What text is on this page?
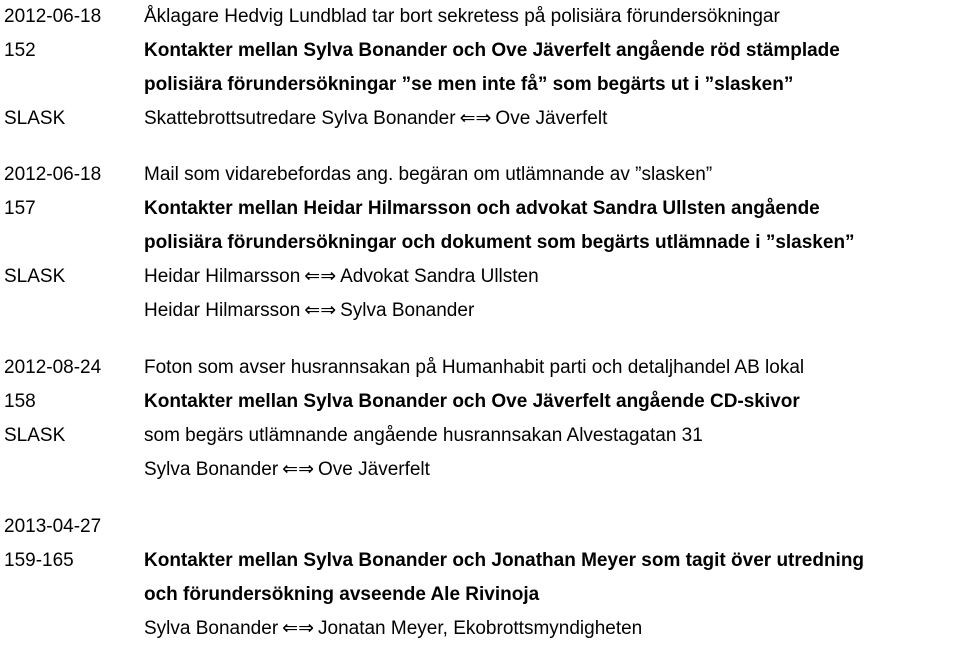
2012-06-18	Åklagare Hedvig Lundblad tar bort sekretess på polisiära förundersökningar
152	Kontakter mellan Sylva Bonander och Ove Jäverfelt angående röd stämplade
polisiära förundersökningar ”se men inte få” som begärts ut i ”slasken”
SLASK	Skattebrottsutredare Sylva Bonander ⇐⇒ Ove Jäverfelt
2012-06-18	Mail som vidarebefordas ang. begäran om utlämnande av ”slasken”
157	Kontakter mellan Heidar Hilmarsson och advokat Sandra Ullsten angående
polisiära förundersökningar och dokument som begärts utlämnade i ”slasken”
SLASK	Heidar Hilmarsson ⇐⇒ Advokat Sandra Ullsten
Heidar Hilmarsson ⇐⇒ Sylva Bonander
2012-08-24	Foton som avser husrannsakan på Humanhabit parti och detaljhandel AB lokal
158	Kontakter mellan Sylva Bonander och Ove Jäverfelt angående CD-skivor
SLASK	som begärs utlämnande angående husrannsakan Alvestagatan 31
Sylva Bonander ⇐⇒ Ove Jäverfelt
2013-04-27
159-165	Kontakter mellan Sylva Bonander och Jonathan Meyer som tagit över utredning
och förundersökning avseende Ale Rivinoja
Sylva Bonander ⇐⇒ Jonatan Meyer, Ekobrottsmyndigheten
